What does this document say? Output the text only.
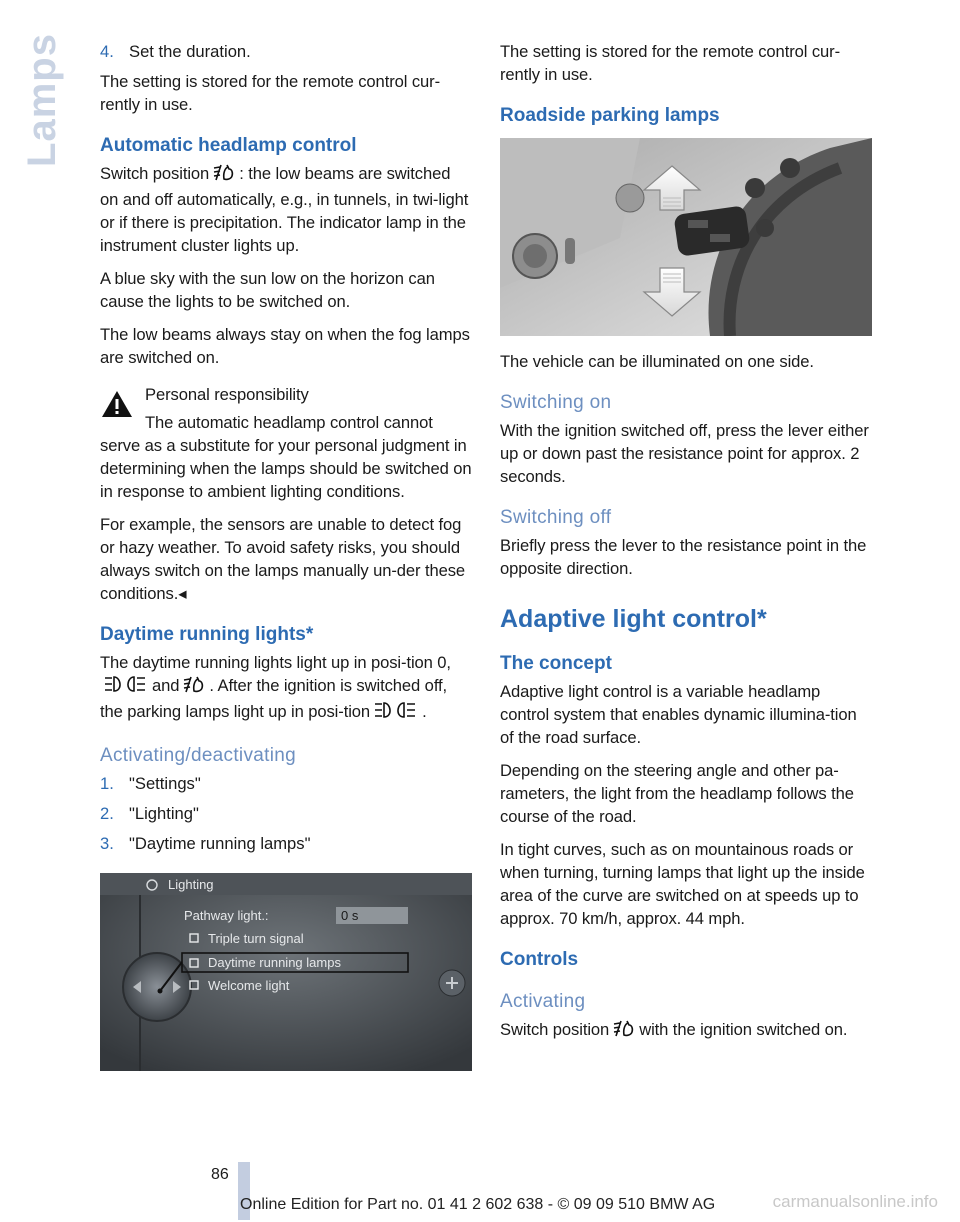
Lamps 4. Set the duration.

The setting is stored for the remote control cur-rently in use.

Automatic headlamp control

Switch position : the low beams are switched on and off automatically, e.g., in tunnels, in twi-light or if there is precipitation. The indicator lamp in the instrument cluster lights up.

A blue sky with the sun low on the horizon can cause the lights to be switched on.

The low beams always stay on when the fog lamps are switched on.

Personal responsibility

The automatic headlamp control cannot serve as a substitute for your personal judgment in determining when the lamps should be switched on in response to ambient lighting conditions.

For example, the sensors are unable to detect fog or hazy weather. To avoid safety risks, you should always switch on the lamps manually un-der these conditions.◂

Daytime running lights*

The daytime running lights light up in posi-tion 0,and . After the ignition is switched off, the parking lamps light up in posi-tion	.

Activating/deactivating
1. "Settings"
2. "Lighting"
3. "Daytime running lamps"
Lighting
Pathway light.:	0 s
Triple turn signal
Daytime running lamps
Welcome light

The setting is stored for the remote control cur-rently in use.

Roadside parking lamps

The vehicle can be illuminated on one side.

Switching on

With the ignition switched off, press the lever either up or down past the resistance point for approx. 2 seconds.

Switching off

Briefly press the lever to the resistance point in the opposite direction.

Adaptive light control*
The concept

Adaptive light control is a variable headlamp control system that enables dynamic illumina-tion of the road surface.

Depending on the steering angle and other pa-rameters, the light from the headlamp follows the course of the road.

In tight curves, such as on mountainous roads or when turning, turning lamps that light up the inside area of the curve are switched on at speeds up to approx. 70 km/h, approx. 44 mph.

Controls
Activating

Switch position with the ignition switched on.

86
Online Edition for Part no. 01 41 2 602 638 - © 09 09 510 BMW AG	carmanualsonline.info
